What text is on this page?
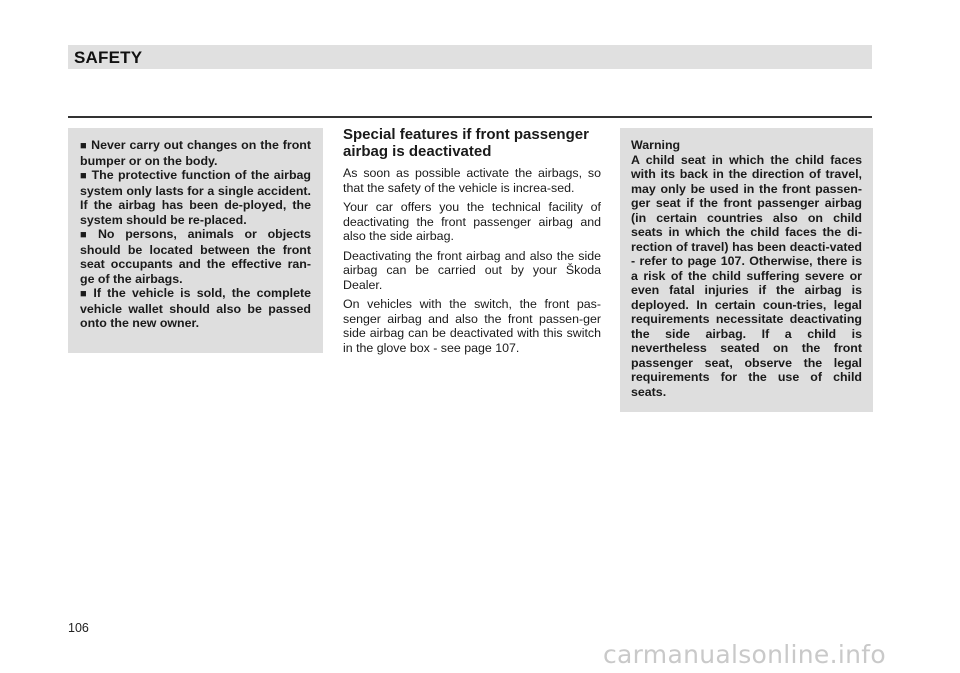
SAFETY

■ Never carry out changes on the front bumper or on the body.

■ The protective function of the airbag system only lasts for a single accident. If the airbag has been de-ployed, the system should be re-placed.

■ No persons, animals or objects should be located between the front seat occupants and the effective ran-ge of the airbags.

■ If the vehicle is sold, the complete vehicle wallet should also be passed onto the new owner.

Special features if front passenger airbag is deactivated

As soon as possible activate the airbags, so that the safety of the vehicle is increa-sed.

Your car offers you the technical facility of deactivating the front passenger airbag and also the side airbag.

Deactivating the front airbag and also the side airbag can be carried out by your Škoda Dealer.

On vehicles with the switch, the front pas-senger airbag and also the front passen-ger side airbag can be deactivated with this switch in the glove box - see page 107.

Warning

A child seat in which the child faces with its back in the direction of travel, may only be used in the front passen-ger seat if the front passenger airbag (in certain countries also on child seats in which the child faces the di-rection of travel) has been deacti-vated - refer to page 107. Otherwise, there is a risk of the child suffering severe or even fatal injuries if the airbag is deployed. In certain coun-tries, legal requirements necessitate deactivating the side airbag. If a child is nevertheless seated on the front passenger seat, observe the legal requirements for the use of child seats.

106
carmanualsonline.info
